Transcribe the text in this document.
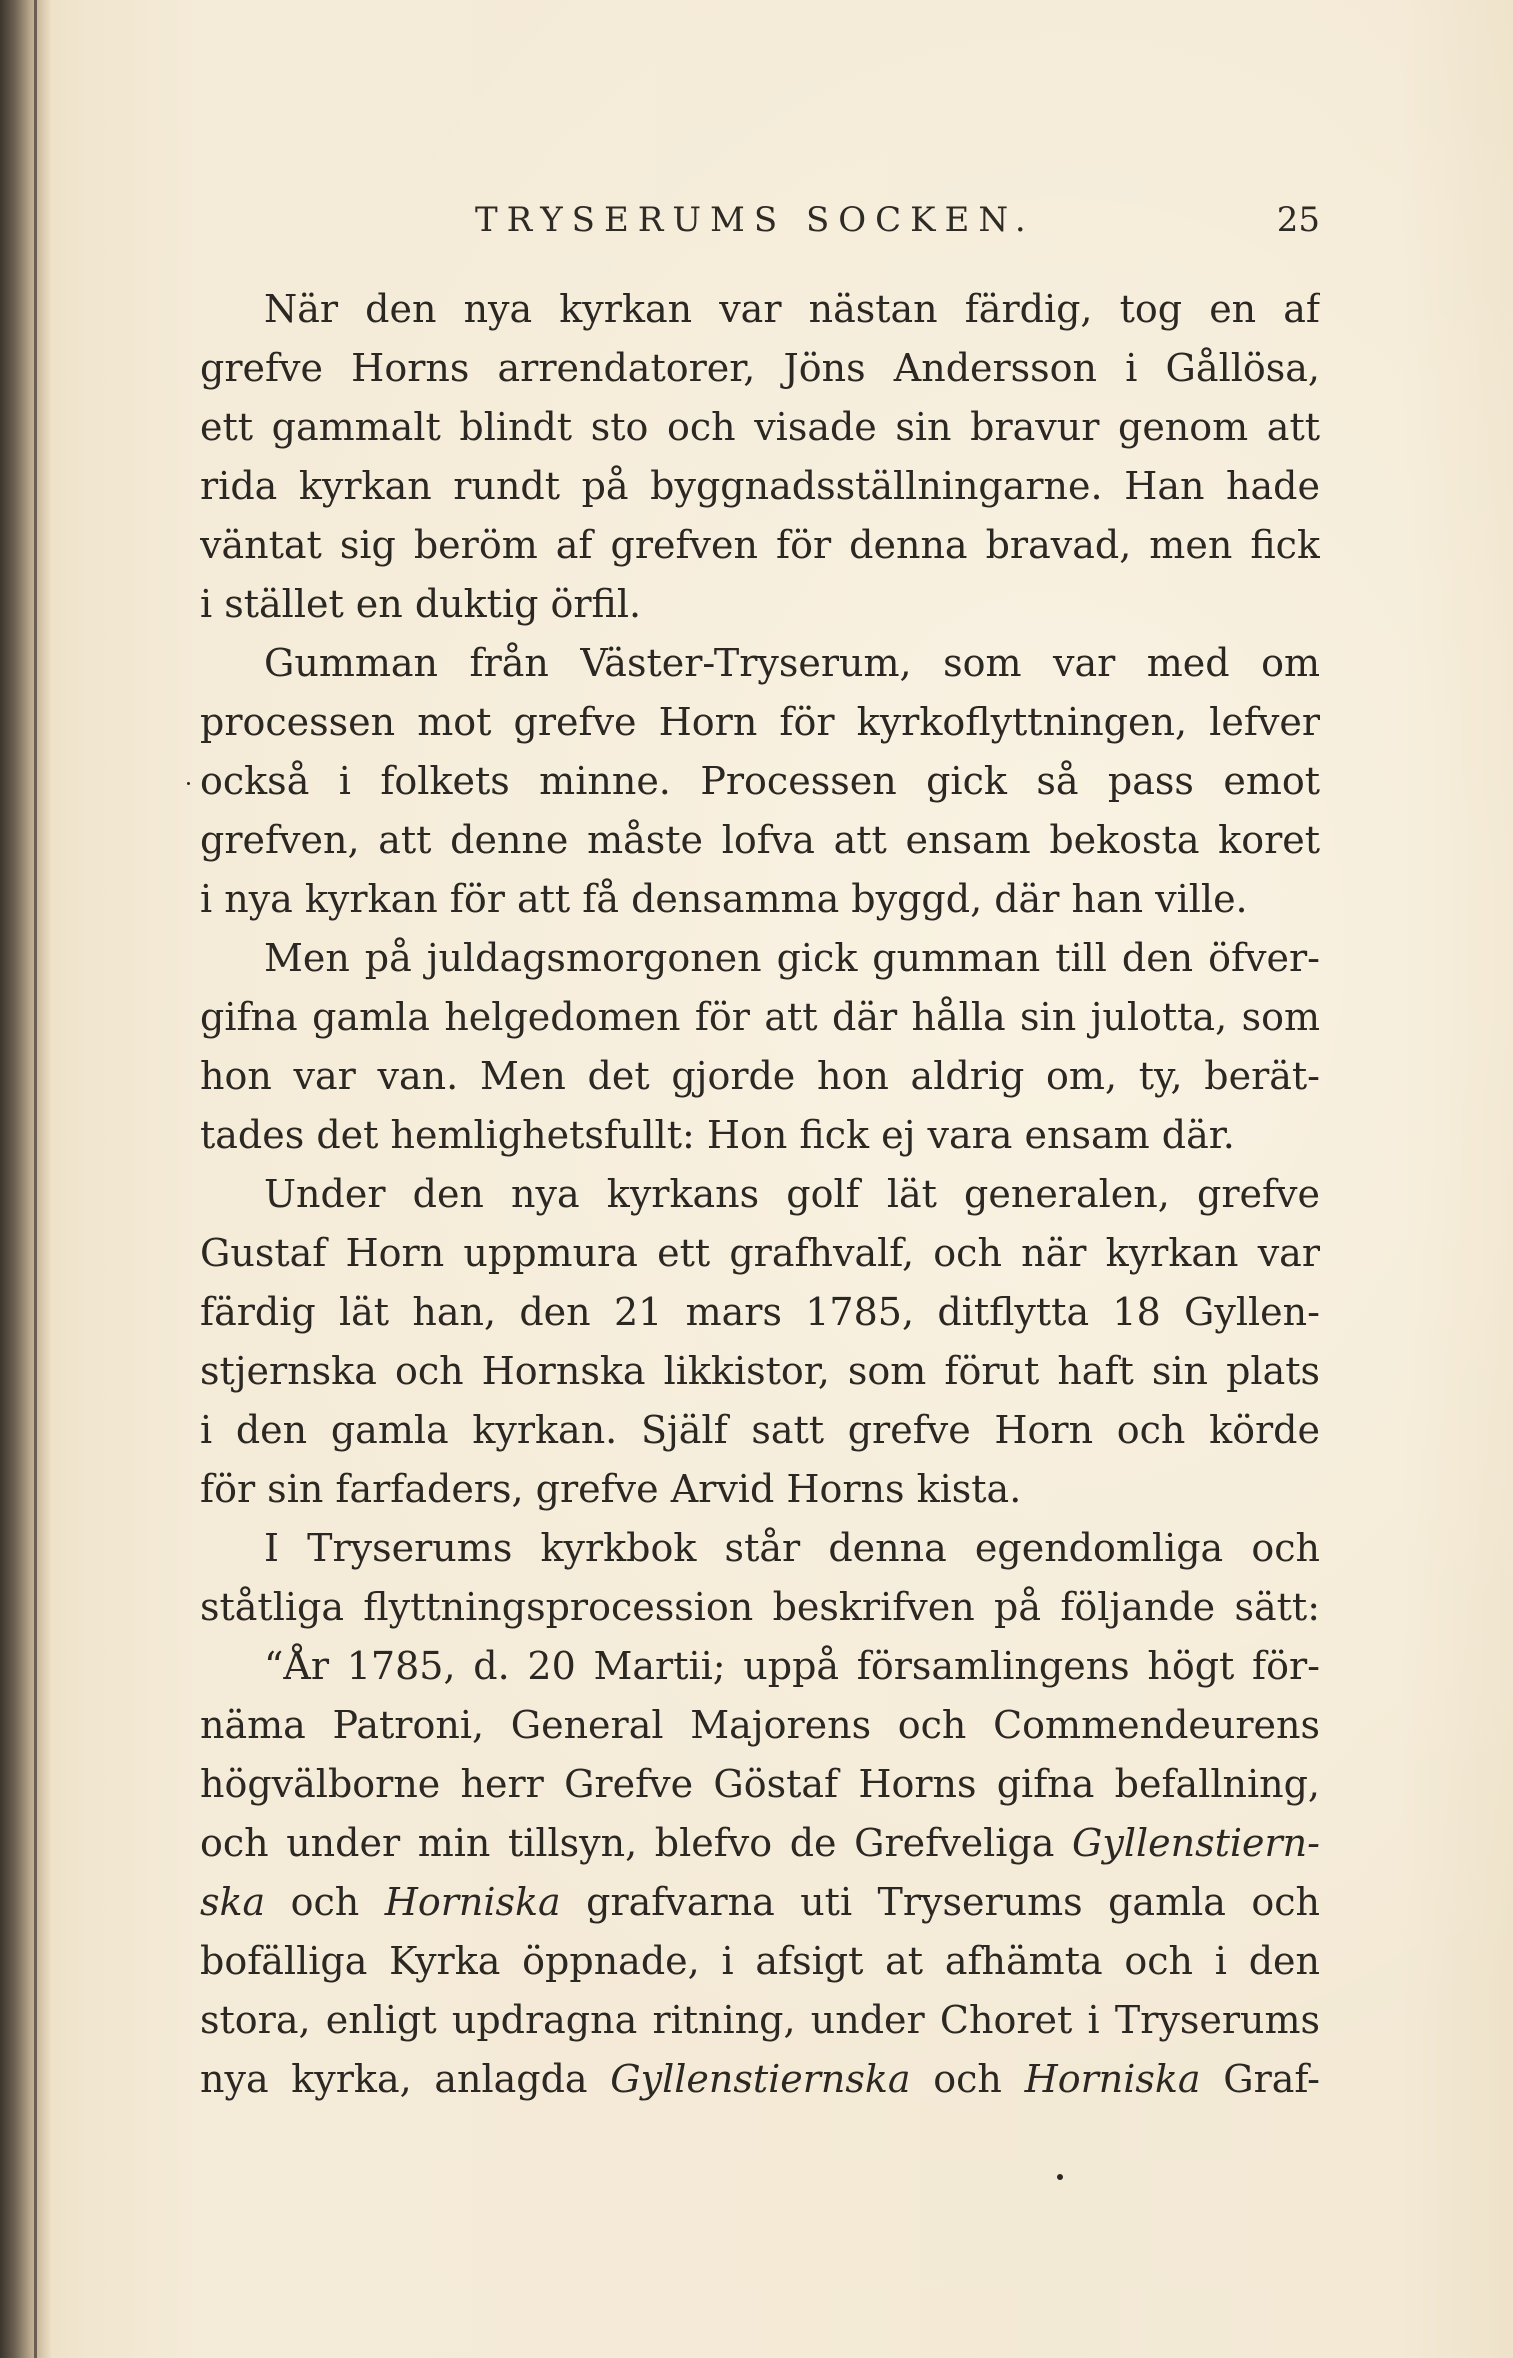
TRYSERUMS SOCKEN.	25
När den nya kyrkan var nästan färdig, tog en af
grefve Horns arrendatorer, Jöns Andersson i Gållösa,
ett gammalt blindt sto och visade sin bravur genom att
rida kyrkan rundt på byggnadsställningarne. Han hade
väntat sig beröm af grefven för denna bravad, men fick
i stället en duktig örfil.
Gumman från Väster-Tryserum, som var med om
processen mot grefve Horn för kyrkoflyttningen, lefver
också i folkets minne. Processen gick så pass emot
grefven, att denne måste lofva att ensam bekosta koret
i nya kyrkan för att få densamma byggd, där han ville.
Men på juldagsmorgonen gick gumman till den öfver-
gifna gamla helgedomen för att där hålla sin julotta, som
hon var van. Men det gjorde hon aldrig om, ty, berät-
tades det hemlighetsfullt: Hon fick ej vara ensam där.
Under den nya kyrkans golf lät generalen, grefve
Gustaf Horn uppmura ett grafhvalf, och när kyrkan var
färdig lät han, den 21 mars 1785, ditflytta 18 Gyllen-
stjernska och Hornska likkistor, som förut haft sin plats
i den gamla kyrkan. Själf satt grefve Horn och körde
för sin farfaders, grefve Arvid Horns kista.
I Tryserums kyrkbok står denna egendomliga och
ståtliga flyttningsprocession beskrifven på följande sätt:
“År 1785, d. 20 Martii; uppå församlingens högt för-
näma Patroni, General Majorens och Commendeurens
högvälborne herr Grefve Göstaf Horns gifna befallning,
och under min tillsyn, blefvo de Grefveliga Gyllenstiern-
ska och Horniska grafvarna uti Tryserums gamla och
bofälliga Kyrka öppnade, i afsigt at afhämta och i den
stora, enligt updragna ritning, under Choret i Tryserums
nya kyrka, anlagda Gyllenstiernska och Horniska Graf-
